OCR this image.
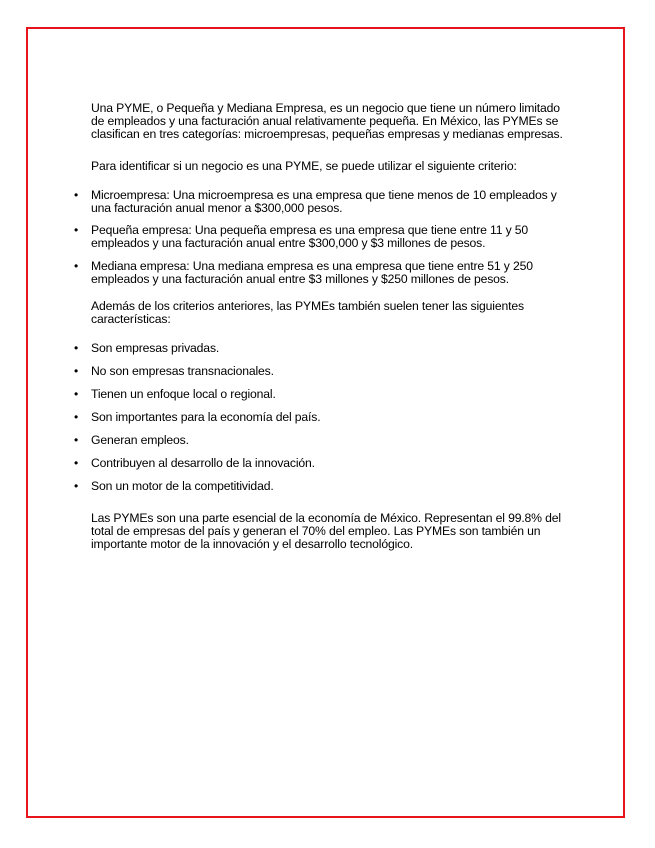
Una PYME, o Pequeña y Mediana Empresa, es un negocio que tiene un número limitado de empleados y una facturación anual relativamente pequeña. En México, las PYMEs se clasifican en tres categorías: microempresas, pequeñas empresas y medianas empresas.

Para identificar si un negocio es una PYME, se puede utilizar el siguiente criterio:

• Microempresa: Una microempresa es una empresa que tiene menos de 10 empleados y una facturación anual menor a $300,000 pesos.
• Pequeña empresa: Una pequeña empresa es una empresa que tiene entre 11 y 50 empleados y una facturación anual entre $300,000 y $3 millones de pesos.
• Mediana empresa: Una mediana empresa es una empresa que tiene entre 51 y 250 empleados y una facturación anual entre $3 millones y $250 millones de pesos.

Además de los criterios anteriores, las PYMEs también suelen tener las siguientes características:

• Son empresas privadas.
• No son empresas transnacionales.
• Tienen un enfoque local o regional.
• Son importantes para la economía del país.
• Generan empleos.
• Contribuyen al desarrollo de la innovación.
• Son un motor de la competitividad.

Las PYMEs son una parte esencial de la economía de México. Representan el 99.8% del total de empresas del país y generan el 70% del empleo. Las PYMEs son también un importante motor de la innovación y el desarrollo tecnológico.
